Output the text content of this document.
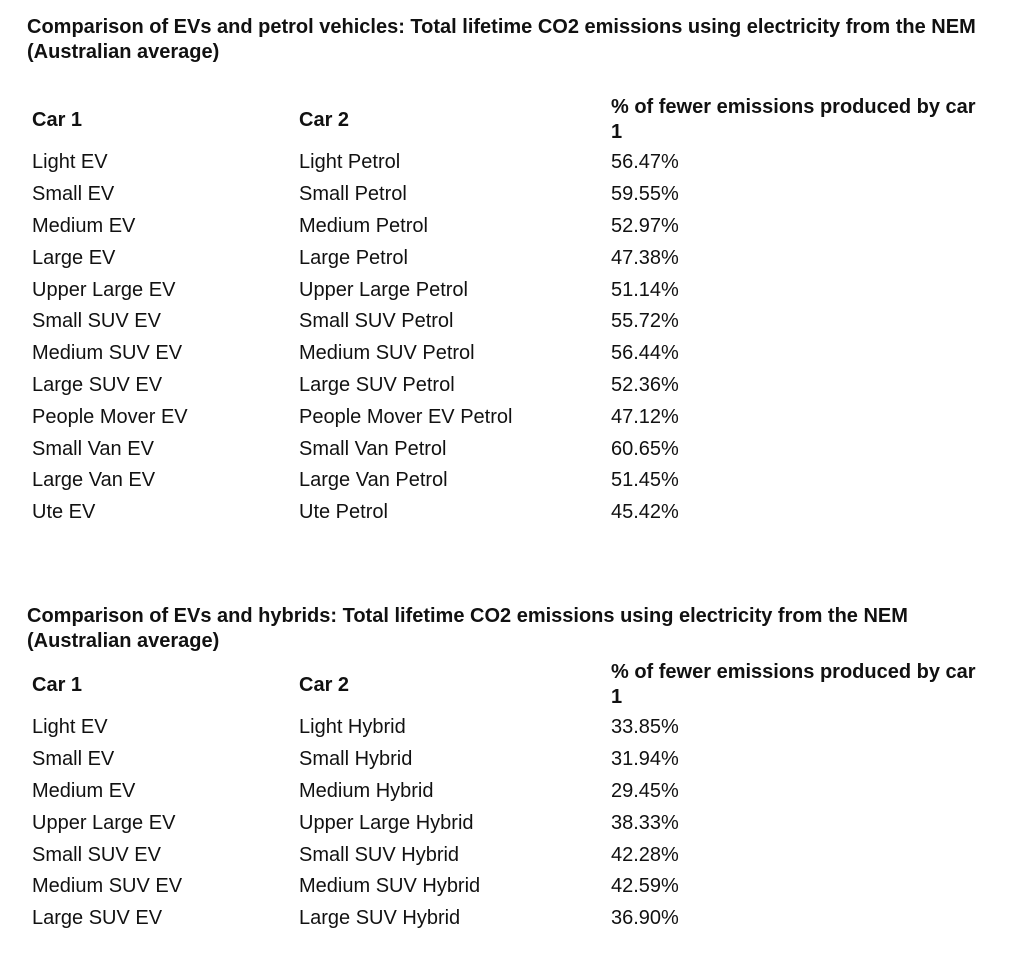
Comparison of EVs and petrol vehicles: Total lifetime CO2 emissions using electricity from the NEM (Australian average)
Car 1	Car 2	% of fewer emissions produced by car 1

Light EV	Light Petrol	56.47%
Small EV	Small Petrol	59.55%
Medium EV	Medium Petrol	52.97%
Large EV	Large Petrol	47.38%
Upper Large EV	Upper Large Petrol	51.14%
Small SUV EV	Small SUV Petrol	55.72%
Medium SUV EV	Medium SUV Petrol	56.44%
Large SUV EV	Large SUV Petrol	52.36%
People Mover EV	People Mover EV Petrol	47.12%
Small Van EV	Small Van Petrol	60.65%
Large Van EV	Large Van Petrol	51.45%
Ute EV	Ute Petrol	45.42%
Comparison of EVs and hybrids: Total lifetime CO2 emissions using electricity from the NEM (Australian average)
Car 1	Car 2	% of fewer emissions produced by car 1

Light EV	Light Hybrid	33.85%
Small EV	Small Hybrid	31.94%
Medium EV	Medium Hybrid	29.45%
Upper Large EV	Upper Large Hybrid	38.33%
Small SUV EV	Small SUV Hybrid	42.28%
Medium SUV EV	Medium SUV Hybrid	42.59%
Large SUV EV	Large SUV Hybrid	36.90%
